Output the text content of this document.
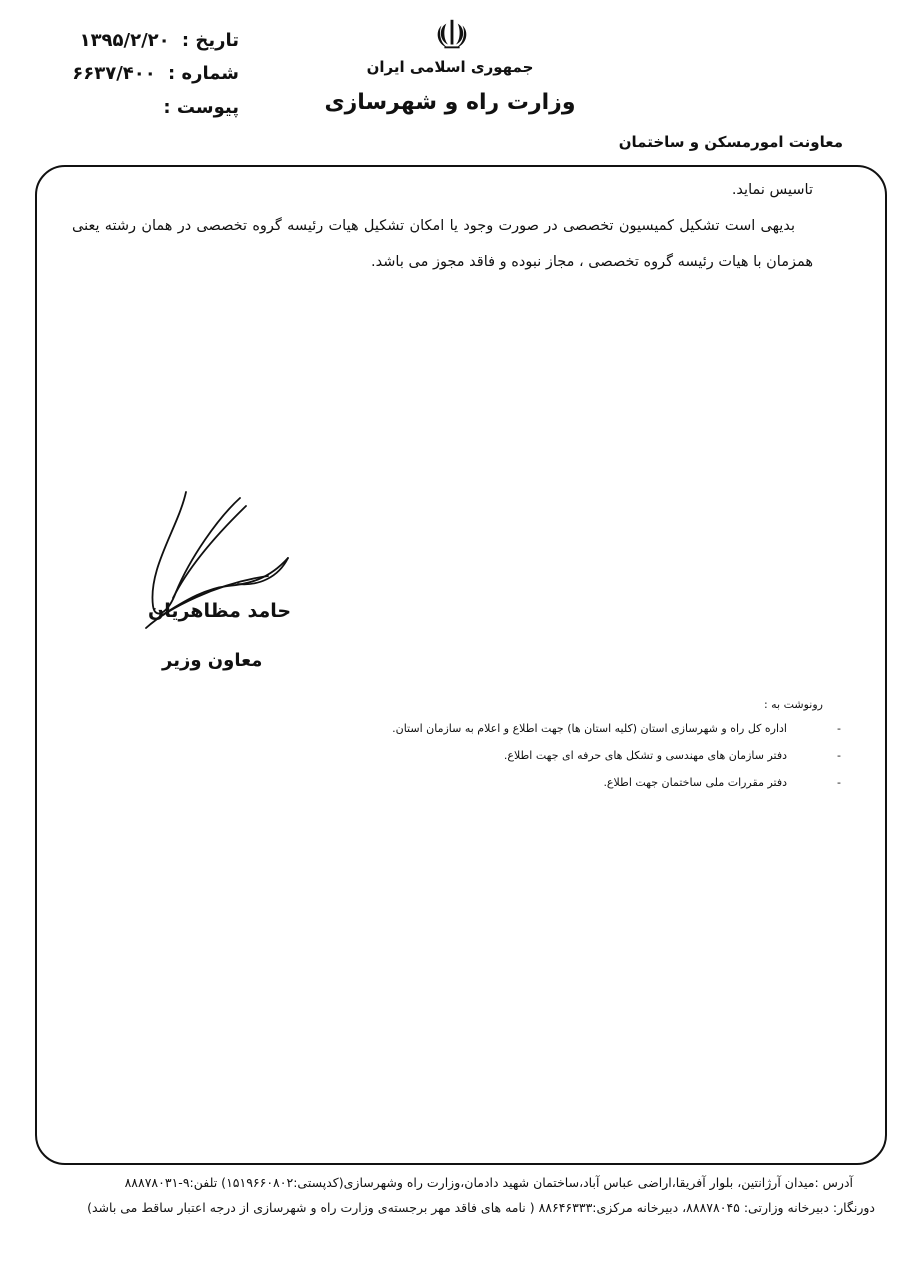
تاریخ : ۱۳۹۵/۲/۲۰
شماره : ۶۶۳۷/۴۰۰
پیوست :
جمهوری اسلامی ایران
وزارت راه و شهرسازی
معاونت امورمسکن و ساختمان

تاسیس نماید.

بدیهی است تشکیل کمیسیون تخصصی در صورت وجود یا امکان تشکیل هیات رئیسه گروه تخصصی در همان رشته یعنی همزمان با هیات رئیسه گروه تخصصی ، مجاز نبوده و فاقد مجوز می باشد.

حامد مظاهریان
معاون وزیر
رونوشت به :
-
اداره کل راه و شهرسازی استان (کلیه استان ها) جهت اطلاع و اعلام به سازمان استان.
-
دفتر سازمان های مهندسی و تشکل های حرفه ای جهت اطلاع.
-
دفتر مقررات ملی ساختمان جهت اطلاع.
آدرس :میدان آرژانتین، بلوار آفریقا،اراضی عباس آباد،ساختمان شهید دادمان،وزارت راه وشهرسازی(کدپستی:۱۵۱۹۶۶۰۸۰۲) تلفن:۹-۸۸۸۷۸۰۳۱
دورنگار: دبیرخانه وزارتی: ۸۸۸۷۸۰۴۵، دبیرخانه مرکزی:۸۸۶۴۶۳۳۳ ( نامه های فاقد مهر برجسته‌ی وزارت راه و شهرسازی از درجه اعتبار ساقط می باشد)
